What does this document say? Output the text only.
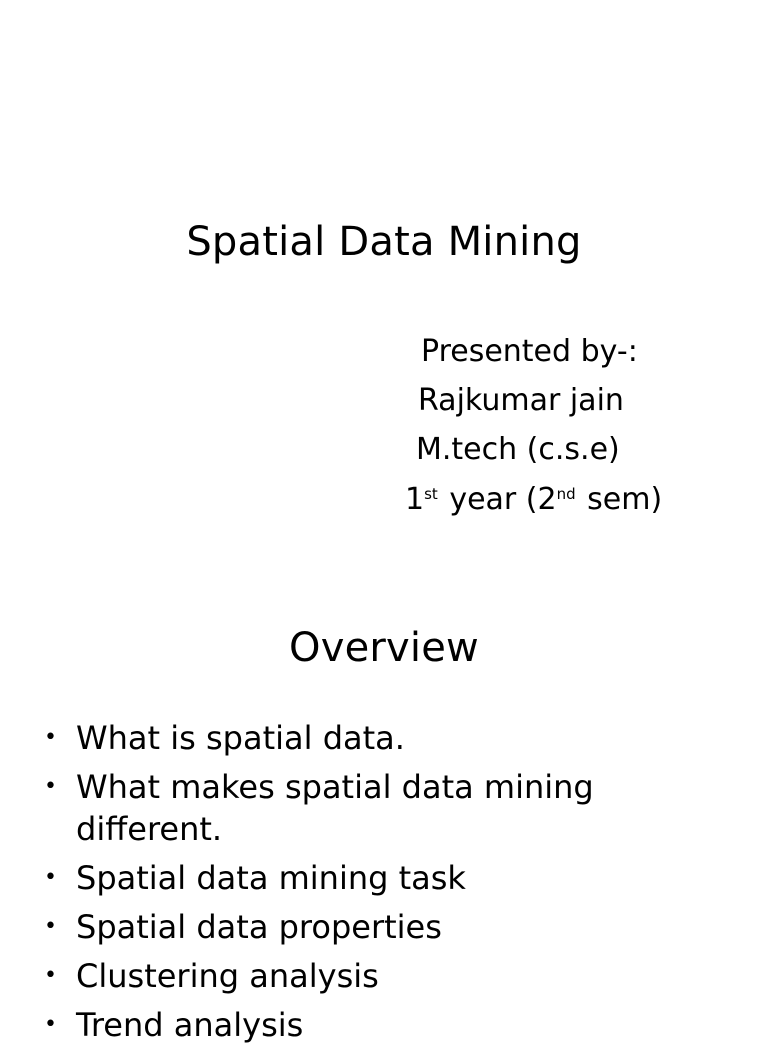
Spatial Data Mining
Presented by-:
Rajkumar jain
M.tech (c.s.e)
1st year (2nd sem)
Overview
• What is spatial data.
• What makes spatial data mining different.
• Spatial data mining task
• Spatial data properties
• Clustering analysis
• Trend analysis
